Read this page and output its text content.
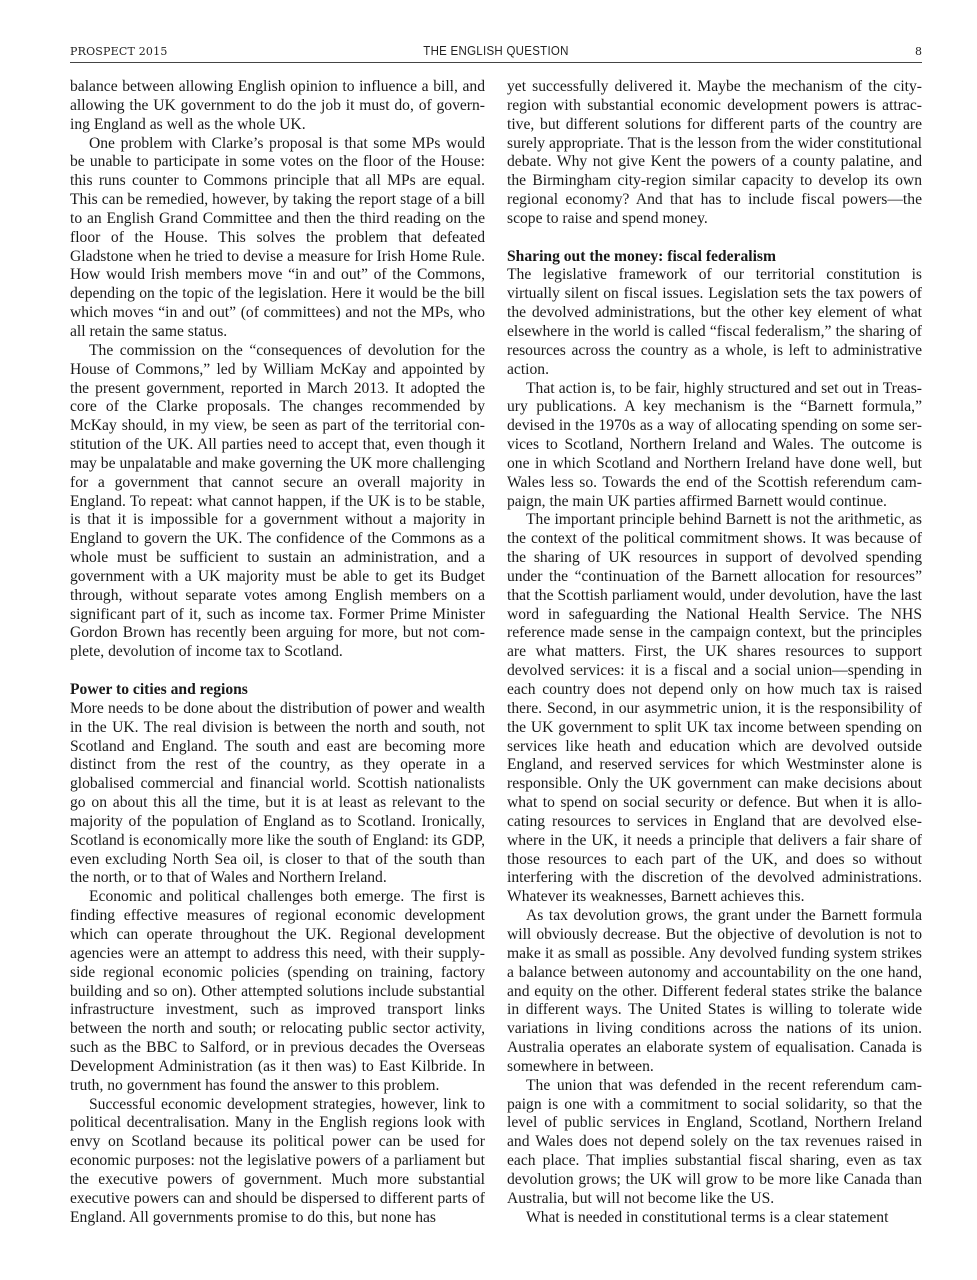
PROSPECT 2015	THE ENGLISH QUESTION	8

balance between allowing English opinion to influence a bill, and allowing the UK government to do the job it must do, of governing England as well as the whole UK.

One problem with Clarke’s proposal is that some MPs would be unable to participate in some votes on the floor of the House: this runs counter to Commons principle that all MPs are equal. This can be remedied, however, by taking the report stage of a bill to an English Grand Committee and then the third reading on the floor of the House. This solves the problem that defeated Gladstone when he tried to devise a measure for Irish Home Rule. How would Irish members move “in and out” of the Commons, depending on the topic of the legislation. Here it would be the bill which moves “in and out” (of committees) and not the MPs, who all retain the same status.

The commission on the “consequences of devolution for the House of Commons,” led by William McKay and appointed by the present government, reported in March 2013. It adopted the core of the Clarke proposals. The changes recommended by McKay should, in my view, be seen as part of the territorial constitution of the UK. All parties need to accept that, even though it may be unpalatable and make governing the UK more challenging for a government that cannot secure an overall majority in England. To repeat: what cannot happen, if the UK is to be stable, is that it is impossible for a government without a majority in England to govern the UK. The confidence of the Commons as a whole must be sufficient to sustain an administration, and a government with a UK majority must be able to get its Budget through, without separate votes among English members on a significant part of it, such as income tax. Former Prime Minister Gordon Brown has recently been arguing for more, but not complete, devolution of income tax to Scotland.

Power to cities and regions

More needs to be done about the distribution of power and wealth in the UK. The real division is between the north and south, not Scotland and England. The south and east are becoming more distinct from the rest of the country, as they operate in a globalised commercial and financial world. Scottish nationalists go on about this all the time, but it is at least as relevant to the majority of the population of England as to Scotland. Ironically, Scotland is economically more like the south of England: its GDP, even excluding North Sea oil, is closer to that of the south than the north, or to that of Wales and Northern Ireland.

Economic and political challenges both emerge. The first is finding effective measures of regional economic development which can operate throughout the UK. Regional development agencies were an attempt to address this need, with their supply-side regional economic policies (spending on training, factory building and so on). Other attempted solutions include substantial infrastructure investment, such as improved transport links between the north and south; or relocating public sector activity, such as the BBC to Salford, or in previous decades the Overseas Development Administration (as it then was) to East Kilbride. In truth, no government has found the answer to this problem.

Successful economic development strategies, however, link to political decentralisation. Many in the English regions look with envy on Scotland because its political power can be used for economic purposes: not the legislative powers of a parliament but the executive powers of government. Much more substantial executive powers can and should be dispersed to different parts of England. All governments promise to do this, but none has

yet successfully delivered it. Maybe the mechanism of the city-region with substantial economic development powers is attractive, but different solutions for different parts of the country are surely appropriate. That is the lesson from the wider constitutional debate. Why not give Kent the powers of a county palatine, and the Birmingham city-region similar capacity to develop its own regional economy? And that has to include fiscal powers—the scope to raise and spend money.

Sharing out the money: fiscal federalism

The legislative framework of our territorial constitution is virtually silent on fiscal issues. Legislation sets the tax powers of the devolved administrations, but the other key element of what elsewhere in the world is called “fiscal federalism,” the sharing of resources across the country as a whole, is left to administrative action.

That action is, to be fair, highly structured and set out in Treasury publications. A key mechanism is the “Barnett formula,” devised in the 1970s as a way of allocating spending on some services to Scotland, Northern Ireland and Wales. The outcome is one in which Scotland and Northern Ireland have done well, but Wales less so. Towards the end of the Scottish referendum campaign, the main UK parties affirmed Barnett would continue.

The important principle behind Barnett is not the arithmetic, as the context of the political commitment shows. It was because of the sharing of UK resources in support of devolved spending under the “continuation of the Barnett allocation for resources” that the Scottish parliament would, under devolution, have the last word in safeguarding the National Health Service. The NHS reference made sense in the campaign context, but the principles are what matters. First, the UK shares resources to support devolved services: it is a fiscal and a social union—spending in each country does not depend only on how much tax is raised there. Second, in our asymmetric union, it is the responsibility of the UK government to split UK tax income between spending on services like heath and education which are devolved outside England, and reserved services for which Westminster alone is responsible. Only the UK government can make decisions about what to spend on social security or defence. But when it is allocating resources to services in England that are devolved elsewhere in the UK, it needs a principle that delivers a fair share of those resources to each part of the UK, and does so without interfering with the discretion of the devolved administrations. Whatever its weaknesses, Barnett achieves this.

As tax devolution grows, the grant under the Barnett formula will obviously decrease. But the objective of devolution is not to make it as small as possible. Any devolved funding system strikes a balance between autonomy and accountability on the one hand, and equity on the other. Different federal states strike the balance in different ways. The United States is willing to tolerate wide variations in living conditions across the nations of its union. Australia operates an elaborate system of equalisation. Canada is somewhere in between.

The union that was defended in the recent referendum campaign is one with a commitment to social solidarity, so that the level of public services in England, Scotland, Northern Ireland and Wales does not depend solely on the tax revenues raised in each place. That implies substantial fiscal sharing, even as tax devolution grows; the UK will grow to be more like Canada than Australia, but will not become like the US.

What is needed in constitutional terms is a clear statement
